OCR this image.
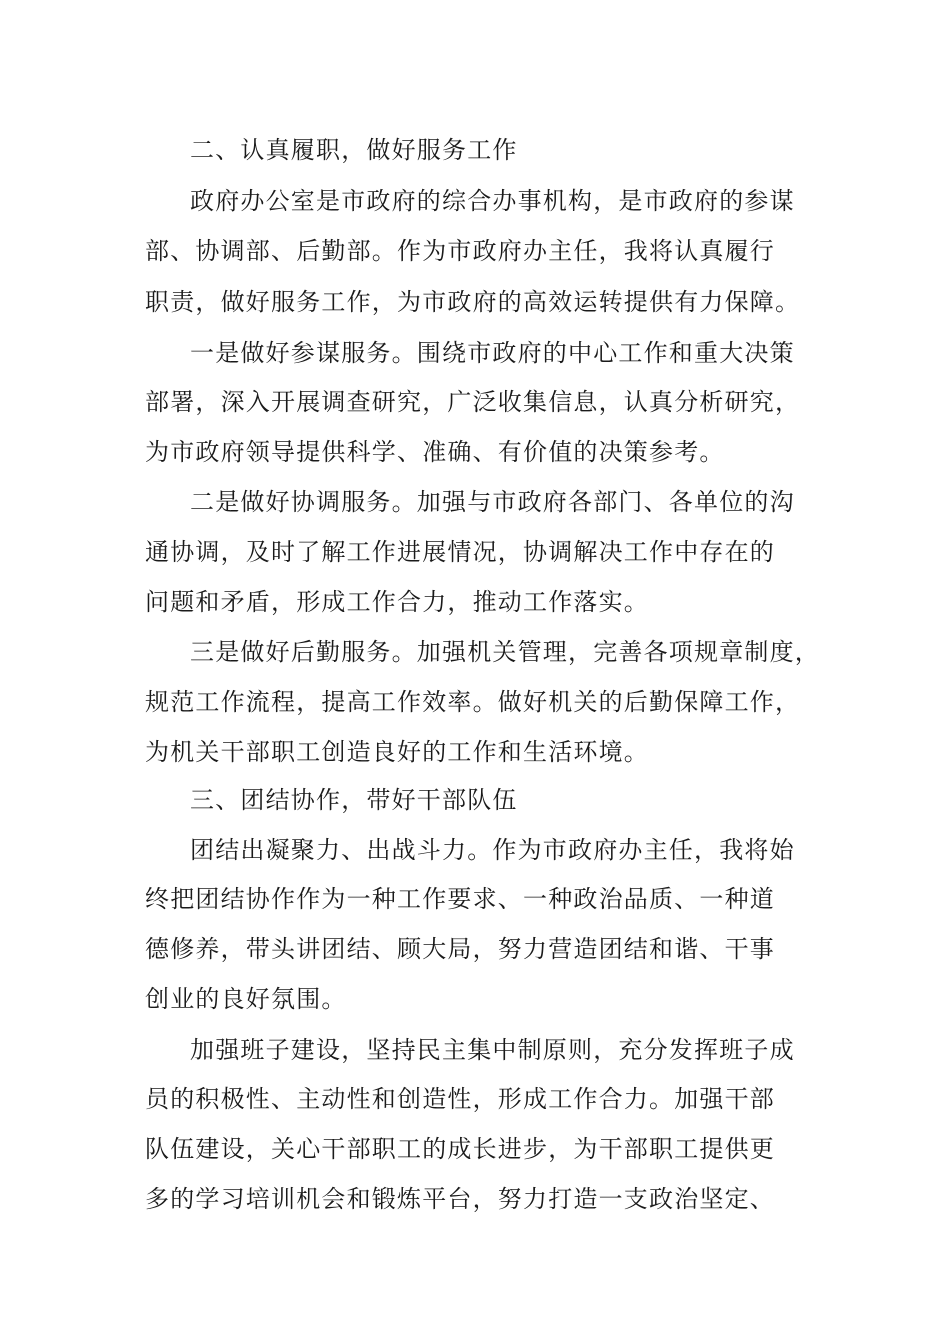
二、认真履职，做好服务工作
政府办公室是市政府的综合办事机构，是市政府的参谋
部、协调部、后勤部。作为市政府办主任，我将认真履行
职责，做好服务工作，为市政府的高效运转提供有力保障。
一是做好参谋服务。围绕市政府的中心工作和重大决策
部署，深入开展调查研究，广泛收集信息，认真分析研究，
为市政府领导提供科学、准确、有价值的决策参考。
二是做好协调服务。加强与市政府各部门、各单位的沟
通协调，及时了解工作进展情况，协调解决工作中存在的
问题和矛盾，形成工作合力，推动工作落实。
三是做好后勤服务。加强机关管理，完善各项规章制度，
规范工作流程，提高工作效率。做好机关的后勤保障工作，
为机关干部职工创造良好的工作和生活环境。
三、团结协作，带好干部队伍
团结出凝聚力、出战斗力。作为市政府办主任，我将始
终把团结协作作为一种工作要求、一种政治品质、一种道
德修养，带头讲团结、顾大局，努力营造团结和谐、干事
创业的良好氛围。
加强班子建设，坚持民主集中制原则，充分发挥班子成
员的积极性、主动性和创造性，形成工作合力。加强干部
队伍建设，关心干部职工的成长进步，为干部职工提供更
多的学习培训机会和锻炼平台，努力打造一支政治坚定、
